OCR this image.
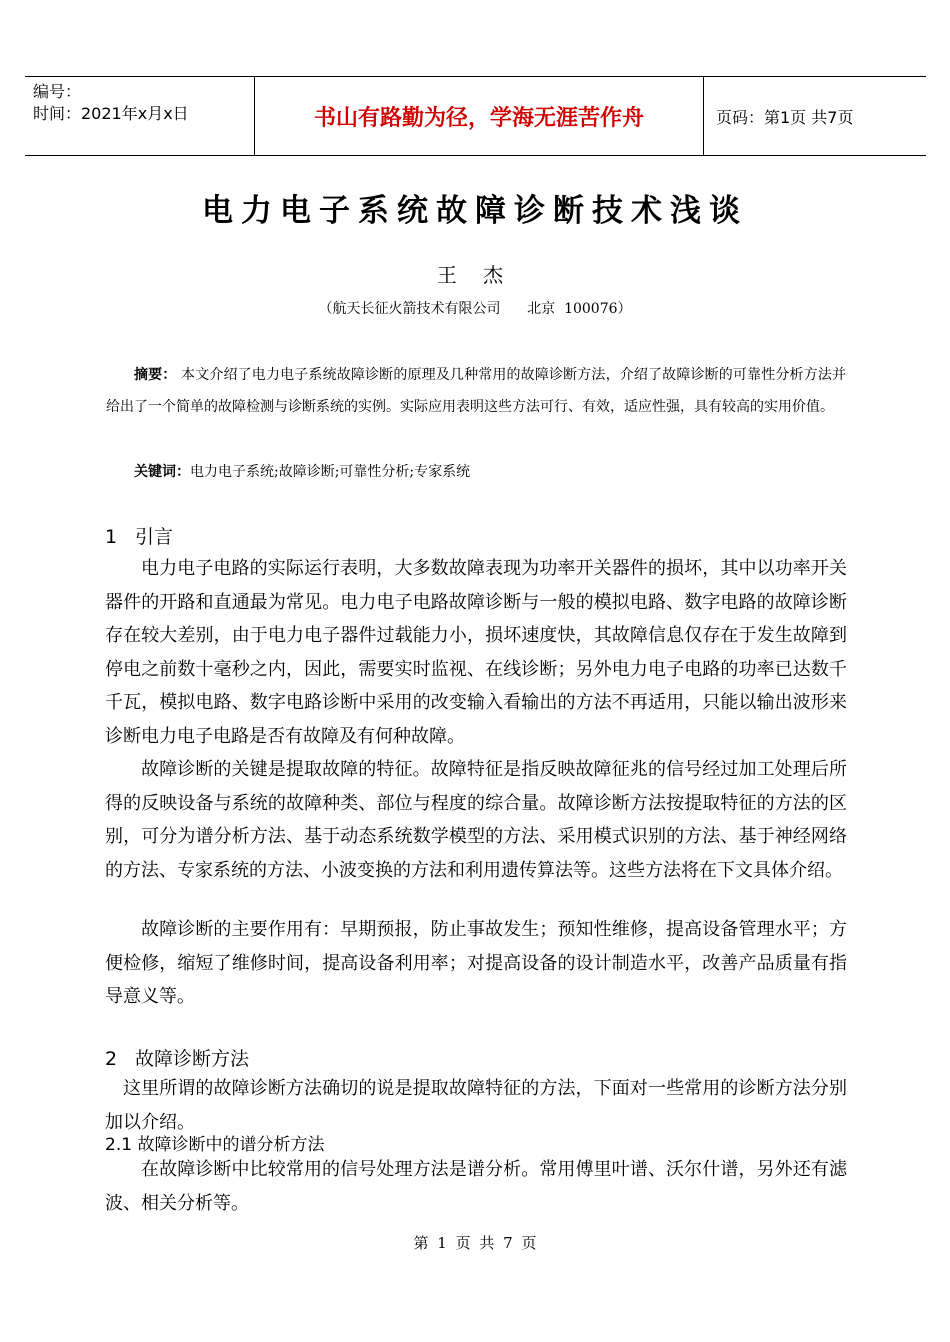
编号：
时间：2021年x月x日	书山有路勤为径，学海无涯苦作舟	页码：第1页 共7页
电力电子系统故障诊断技术浅谈
王 杰
（航天长征火箭技术有限公司      北京  100076）
摘要： 本文介绍了电力电子系统故障诊断的原理及几种常用的故障诊断方法，介绍了故障诊断的可靠性分析方法并给出了一个简单的故障检测与诊断系统的实例。实际应用表明这些方法可行、有效，适应性强，具有较高的实用价值。
关键词：电力电子系统;故障诊断;可靠性分析;专家系统
1 引言
电力电子电路的实际运行表明，大多数故障表现为功率开关器件的损坏，其中以功率开关器件的开路和直通最为常见。电力电子电路故障诊断与一般的模拟电路、数字电路的故障诊断存在较大差别，由于电力电子器件过载能力小，损坏速度快，其故障信息仅存在于发生故障到停电之前数十毫秒之内，因此，需要实时监视、在线诊断；另外电力电子电路的功率已达数千千瓦，模拟电路、数字电路诊断中采用的改变输入看输出的方法不再适用，只能以输出波形来诊断电力电子电路是否有故障及有何种故障。
故障诊断的关键是提取故障的特征。故障特征是指反映故障征兆的信号经过加工处理后所得的反映设备与系统的故障种类、部位与程度的综合量。故障诊断方法按提取特征的方法的区别，可分为谱分析方法、基于动态系统数学模型的方法、采用模式识别的方法、基于神经网络的方法、专家系统的方法、小波变换的方法和利用遗传算法等。这些方法将在下文具体介绍。
故障诊断的主要作用有：早期预报，防止事故发生；预知性维修，提高设备管理水平；方便检修，缩短了维修时间，提高设备利用率；对提高设备的设计制造水平，改善产品质量有指导意义等。
2 故障诊断方法
这里所谓的故障诊断方法确切的说是提取故障特征的方法，下面对一些常用的诊断方法分别加以介绍。
2.1 故障诊断中的谱分析方法
在故障诊断中比较常用的信号处理方法是谱分析。常用傅里叶谱、沃尔什谱，另外还有滤波、相关分析等。
第 1 页 共 7 页
